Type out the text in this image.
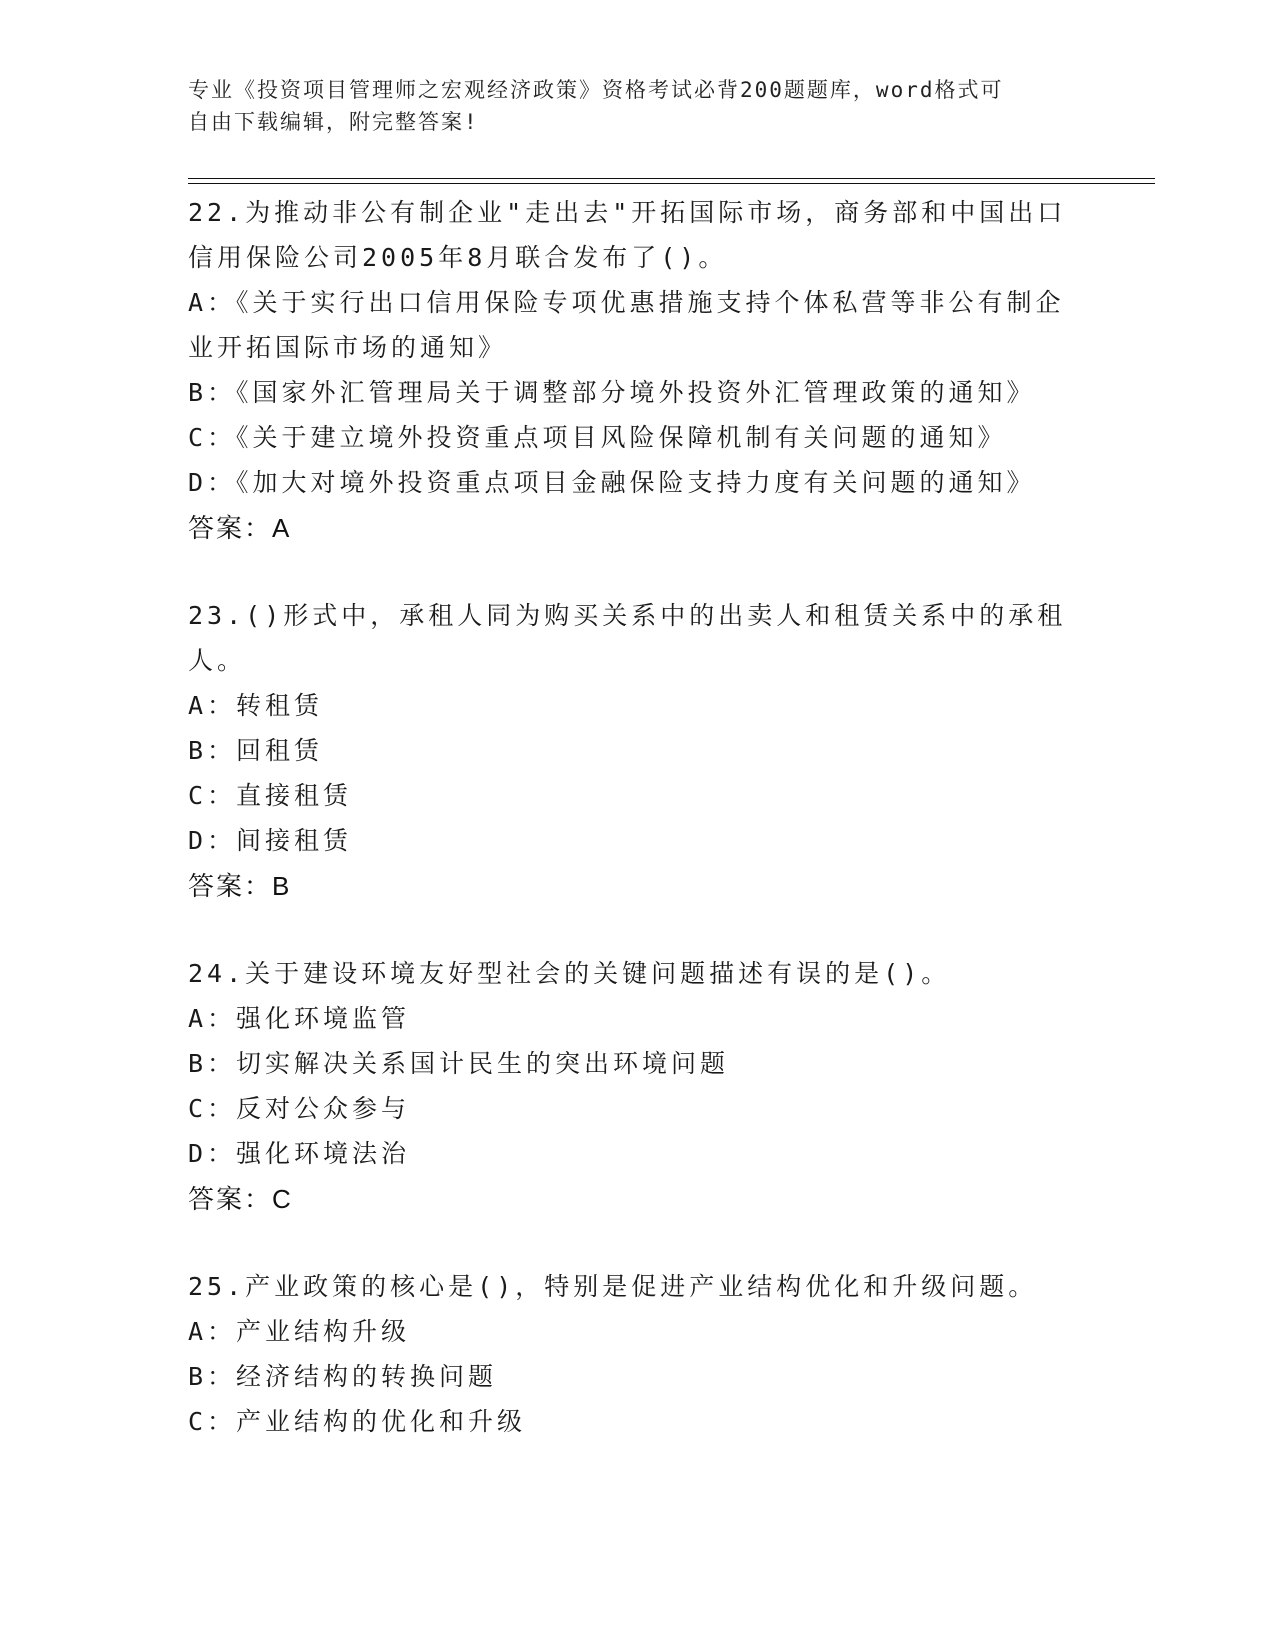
专业《投资项目管理师之宏观经济政策》资格考试必背200题题库，word格式可
自由下载编辑，附完整答案!
22.为推动非公有制企业"走出去"开拓国际市场，商务部和中国出口信用保险公司2005年8月联合发布了()。
A：《关于实行出口信用保险专项优惠措施支持个体私营等非公有制企业开拓国际市场的通知》
B：《国家外汇管理局关于调整部分境外投资外汇管理政策的通知》
C：《关于建立境外投资重点项目风险保障机制有关问题的通知》
D：《加大对境外投资重点项目金融保险支持力度有关问题的通知》
答案：A
23.()形式中，承租人同为购买关系中的出卖人和租赁关系中的承租人。
A：转租赁
B：回租赁
C：直接租赁
D：间接租赁
答案：B
24.关于建设环境友好型社会的关键问题描述有误的是()。
A：强化环境监管
B：切实解决关系国计民生的突出环境问题
C：反对公众参与
D：强化环境法治
答案：C
25.产业政策的核心是()，特别是促进产业结构优化和升级问题。
A：产业结构升级
B：经济结构的转换问题
C：产业结构的优化和升级
